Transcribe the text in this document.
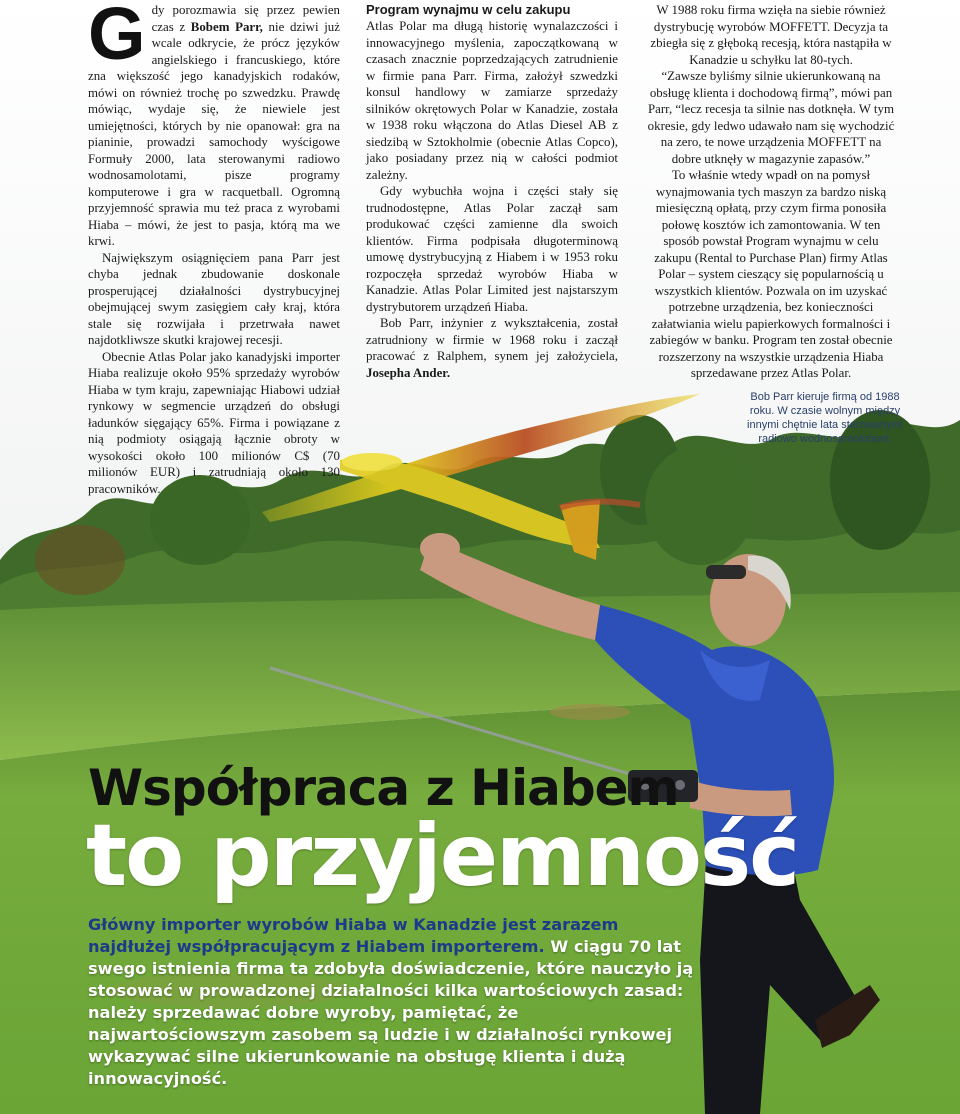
G dy porozmawia się przez pewien czas z Bobem Parr, nie dziwi już wcale odkrycie, że prócz języków angielskiego i francuskiego, które zna większość jego kanadyjskich rodaków, mówi on również trochę po szwedzku. Prawdę mówiąc, wydaje się, że niewiele jest umiejętności, których by nie opanował: gra na pianinie, prowadzi samochody wyścigowe Formuły 2000, lata sterowanymi radiowo wodnosamolotami, pisze programy komputerowe i gra w racquetball. Ogromną przyjemność sprawia mu też praca z wyrobami Hiaba – mówi, że jest to pasja, którą ma we krwi.

Największym osiągnięciem pana Parr jest chyba jednak zbudowanie doskonale prosperującej działalności dystrybucyjnej obejmującej swym zasięgiem cały kraj, która stale się rozwijała i przetrwała nawet najdotkliwsze skutki krajowej recesji.

Obecnie Atlas Polar jako kanadyjski importer Hiaba realizuje około 95% sprzedaży wyrobów Hiaba w tym kraju, zapewniając Hiabowi udział rynkowy w segmencie urządzeń do obsługi ładunków sięgający 65%. Firma i powiązane z nią podmioty osiągają łącznie obroty w wysokości około 100 milionów C$ (70 milionów EUR) i zatrudniają około 130 pracowników.

Program wynajmu w celu zakupu

Atlas Polar ma długą historię wynalazczości i innowacyjnego myślenia, zapoczątkowaną w czasach znacznie poprzedzających zatrudnienie w firmie pana Parr. Firma, założył szwedzki konsul handlowy w zamiarze sprzedaży silników okrętowych Polar w Kanadzie, została w 1938 roku włączona do Atlas Diesel AB z siedzibą w Sztokholmie (obecnie Atlas Copco), jako posiadany przez nią w całości podmiot zależny.

Gdy wybuchła wojna i części stały się trudnodostępne, Atlas Polar zaczął sam produkować części zamienne dla swoich klientów. Firma podpisała długoterminową umowę dystrybucyjną z Hiabem i w 1953 roku rozpoczęła sprzedaż wyrobów Hiaba w Kanadzie. Atlas Polar Limited jest najstarszym dystrybutorem urządzeń Hiaba.

Bob Parr, inżynier z wykształcenia, został zatrudniony w firmie w 1968 roku i zaczął pracować z Ralphem, synem jej założyciela, Josepha Ander.

W 1988 roku firma wzięła na siebie również dystrybucję wyrobów MOFFETT. Decyzja ta zbiegła się z głęboką recesją, która nastąpiła w Kanadzie u schyłku lat 80-tych.

“Zawsze byliśmy silnie ukierunkowaną na obsługę klienta i dochodową firmą”, mówi pan Parr, “lecz recesja ta silnie nas dotknęła. W tym okresie, gdy ledwo udawało nam się wychodzić na zero, te nowe urządzenia MOFFETT na dobre utknęły w magazynie zapasów.”

To właśnie wtedy wpadł on na pomysł wynajmowania tych maszyn za bardzo niską miesięczną opłatą, przy czym firma ponosiła połowę kosztów ich zamontowania. W ten sposób powstał Program wynajmu w celu zakupu (Rental to Purchase Plan) firmy Atlas Polar – system cieszący się popularnością u wszystkich klientów. Pozwala on im uzyskać potrzebne urządzenia, bez konieczności załatwiania wielu papierkowych formalności i zabiegów w banku. Program ten został obecnie rozszerzony na wszystkie urządzenia Hiaba sprzedawane przez Atlas Polar.

Bob Parr kieruje firmą od 1988 roku. W czasie wolnym między innymi chętnie lata sterowanymi radiowo wodnosamolotami.
Współpraca z Hiabem
to przyjemność
Główny importer wyrobów Hiaba w Kanadzie jest zarazem najdłużej współpracującym z Hiabem importerem. W ciągu 70 lat swego istnienia firma ta zdobyła doświadczenie, które nauczyło ją stosować w prowadzonej działalności kilka wartościowych zasad: należy sprzedawać dobre wyroby, pamiętać, że najwartościowszym zasobem są ludzie i w działalności rynkowej wykazywać silne ukierunkowanie na obsługę klienta i dużą innowacyjność.
